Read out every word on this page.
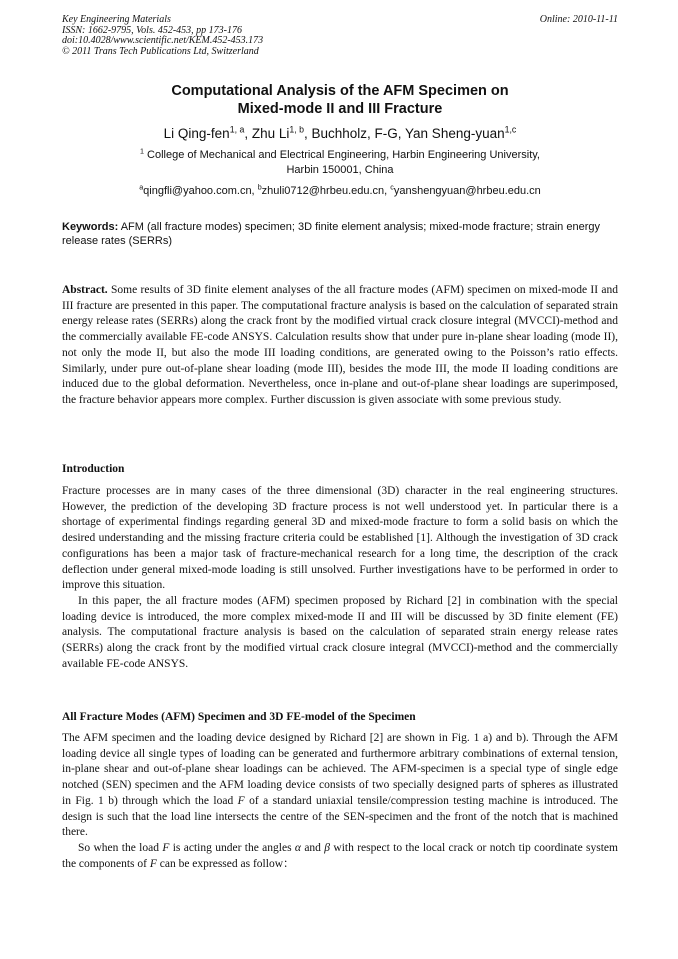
Key Engineering Materials
ISSN: 1662-9795, Vols. 452-453, pp 173-176
doi:10.4028/www.scientific.net/KEM.452-453.173
© 2011 Trans Tech Publications Ltd, Switzerland
Online: 2010-11-11
Computational Analysis of the AFM Specimen on
Mixed-mode II and III Fracture
Li Qing-fen$^{1, a}$, Zhu Li$^{1, b}$, Buchholz, F-G, Yan Sheng-yuan$^{1,c}$
$^1$ College of Mechanical and Electrical Engineering, Harbin Engineering University,
Harbin 150001, China
$^a$qingfli@yahoo.com.cn, $^b$zhuli0712@hrbeu.edu.cn, $^c$yanshengyuan@hrbeu.edu.cn
Keywords: AFM (all fracture modes) specimen; 3D finite element analysis; mixed-mode fracture; strain energy release rates (SERRs)
Abstract. Some results of 3D finite element analyses of the all fracture modes (AFM) specimen on mixed-mode II and III fracture are presented in this paper. The computational fracture analysis is based on the calculation of separated strain energy release rates (SERRs) along the crack front by the modified virtual crack closure integral (MVCCI)-method and the commercially available FE-code ANSYS. Calculation results show that under pure in-plane shear loading (mode II), not only the mode II, but also the mode III loading conditions, are generated owing to the Poisson’s ratio effects. Similarly, under pure out-of-plane shear loading (mode III), besides the mode III, the mode II loading conditions are induced due to the global deformation. Nevertheless, once in-plane and out-of-plane shear loadings are superimposed, the fracture behavior appears more complex. Further discussion is given associate with some previous study.
Introduction

Fracture processes are in many cases of the three dimensional (3D) character in the real engineering structures. However, the prediction of the developing 3D fracture process is not well understood yet. In particular there is a shortage of experimental findings regarding general 3D and mixed-mode fracture to form a solid basis on which the desired understanding and the missing fracture criteria could be established [1]. Although the investigation of 3D crack configurations has been a major task of fracture-mechanical research for a long time, the description of the crack deflection under general mixed-mode loading is still unsolved. Further investigations have to be performed in order to improve this situation.

In this paper, the all fracture modes (AFM) specimen proposed by Richard [2] in combination with the special loading device is introduced, the more complex mixed-mode II and III will be discussed by 3D finite element (FE) analysis. The computational fracture analysis is based on the calculation of separated strain energy release rates (SERRs) along the crack front by the modified virtual crack closure integral (MVCCI)-method and the commercially available FE-code ANSYS.

All Fracture Modes (AFM) Specimen and 3D FE-model of the Specimen

The AFM specimen and the loading device designed by Richard [2] are shown in Fig. 1 a) and b). Through the AFM loading device all single types of loading can be generated and furthermore arbitrary combinations of external tension, in-plane shear and out-of-plane shear loadings can be achieved. The AFM-specimen is a special type of single edge notched (SEN) specimen and the AFM loading device consists of two specially designed parts of spheres as illustrated in Fig. 1 b) through which the load F of a standard uniaxial tensile/compression testing machine is introduced. The design is such that the load line intersects the centre of the SEN-specimen and the front of the notch that is machined there.

So when the load F is acting under the angles α and β with respect to the local crack or notch tip coordinate system the components of F can be expressed as follow：
